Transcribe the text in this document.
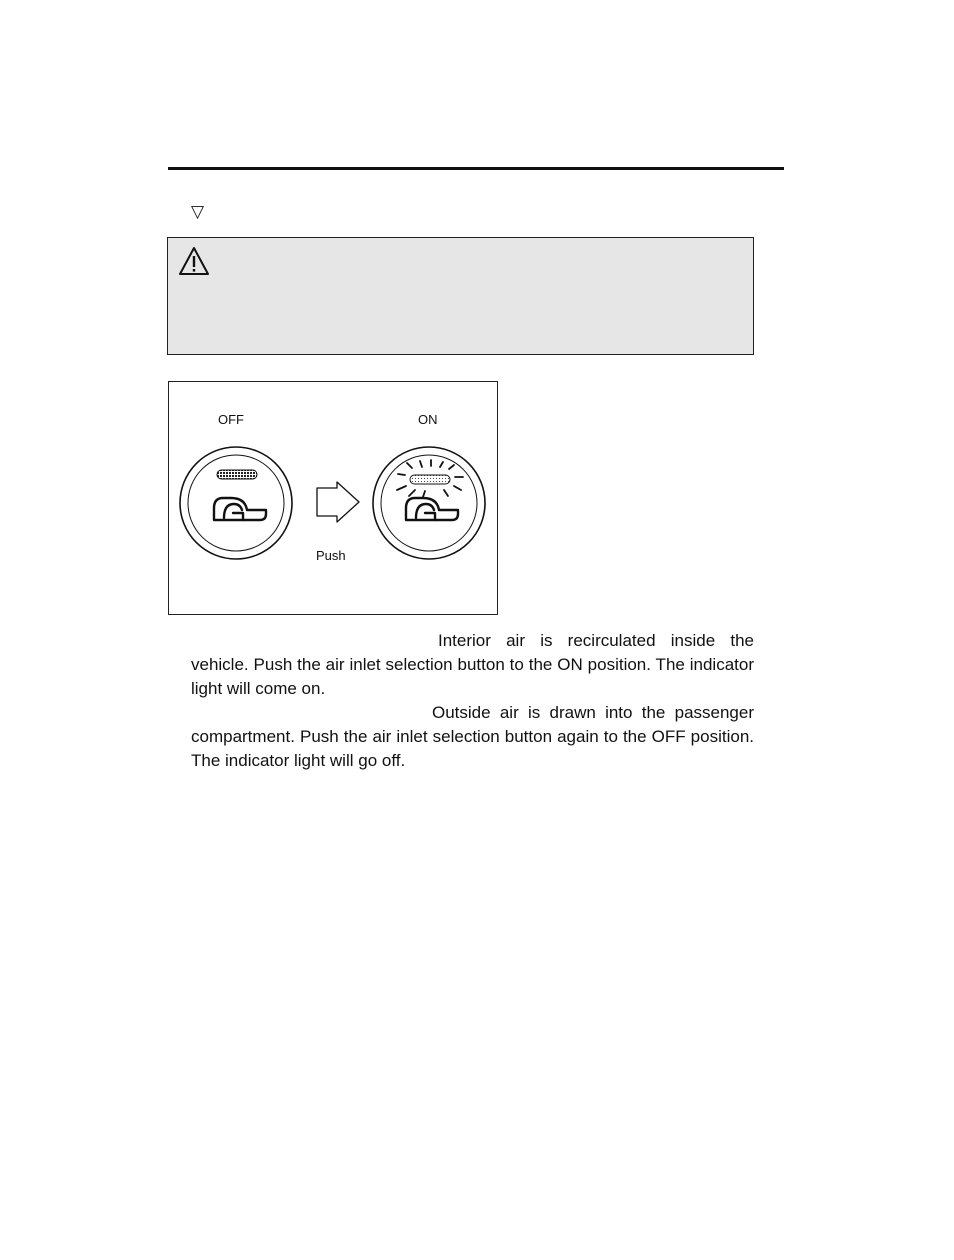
▽
OFF	ON
Push

Interior air is recirculated inside the vehicle. Push the air inlet selection button to the ON position. The indicator light will come on.

Outside air is drawn into the passenger compartment. Push the air inlet selection button again to the OFF position. The indicator light will go off.
